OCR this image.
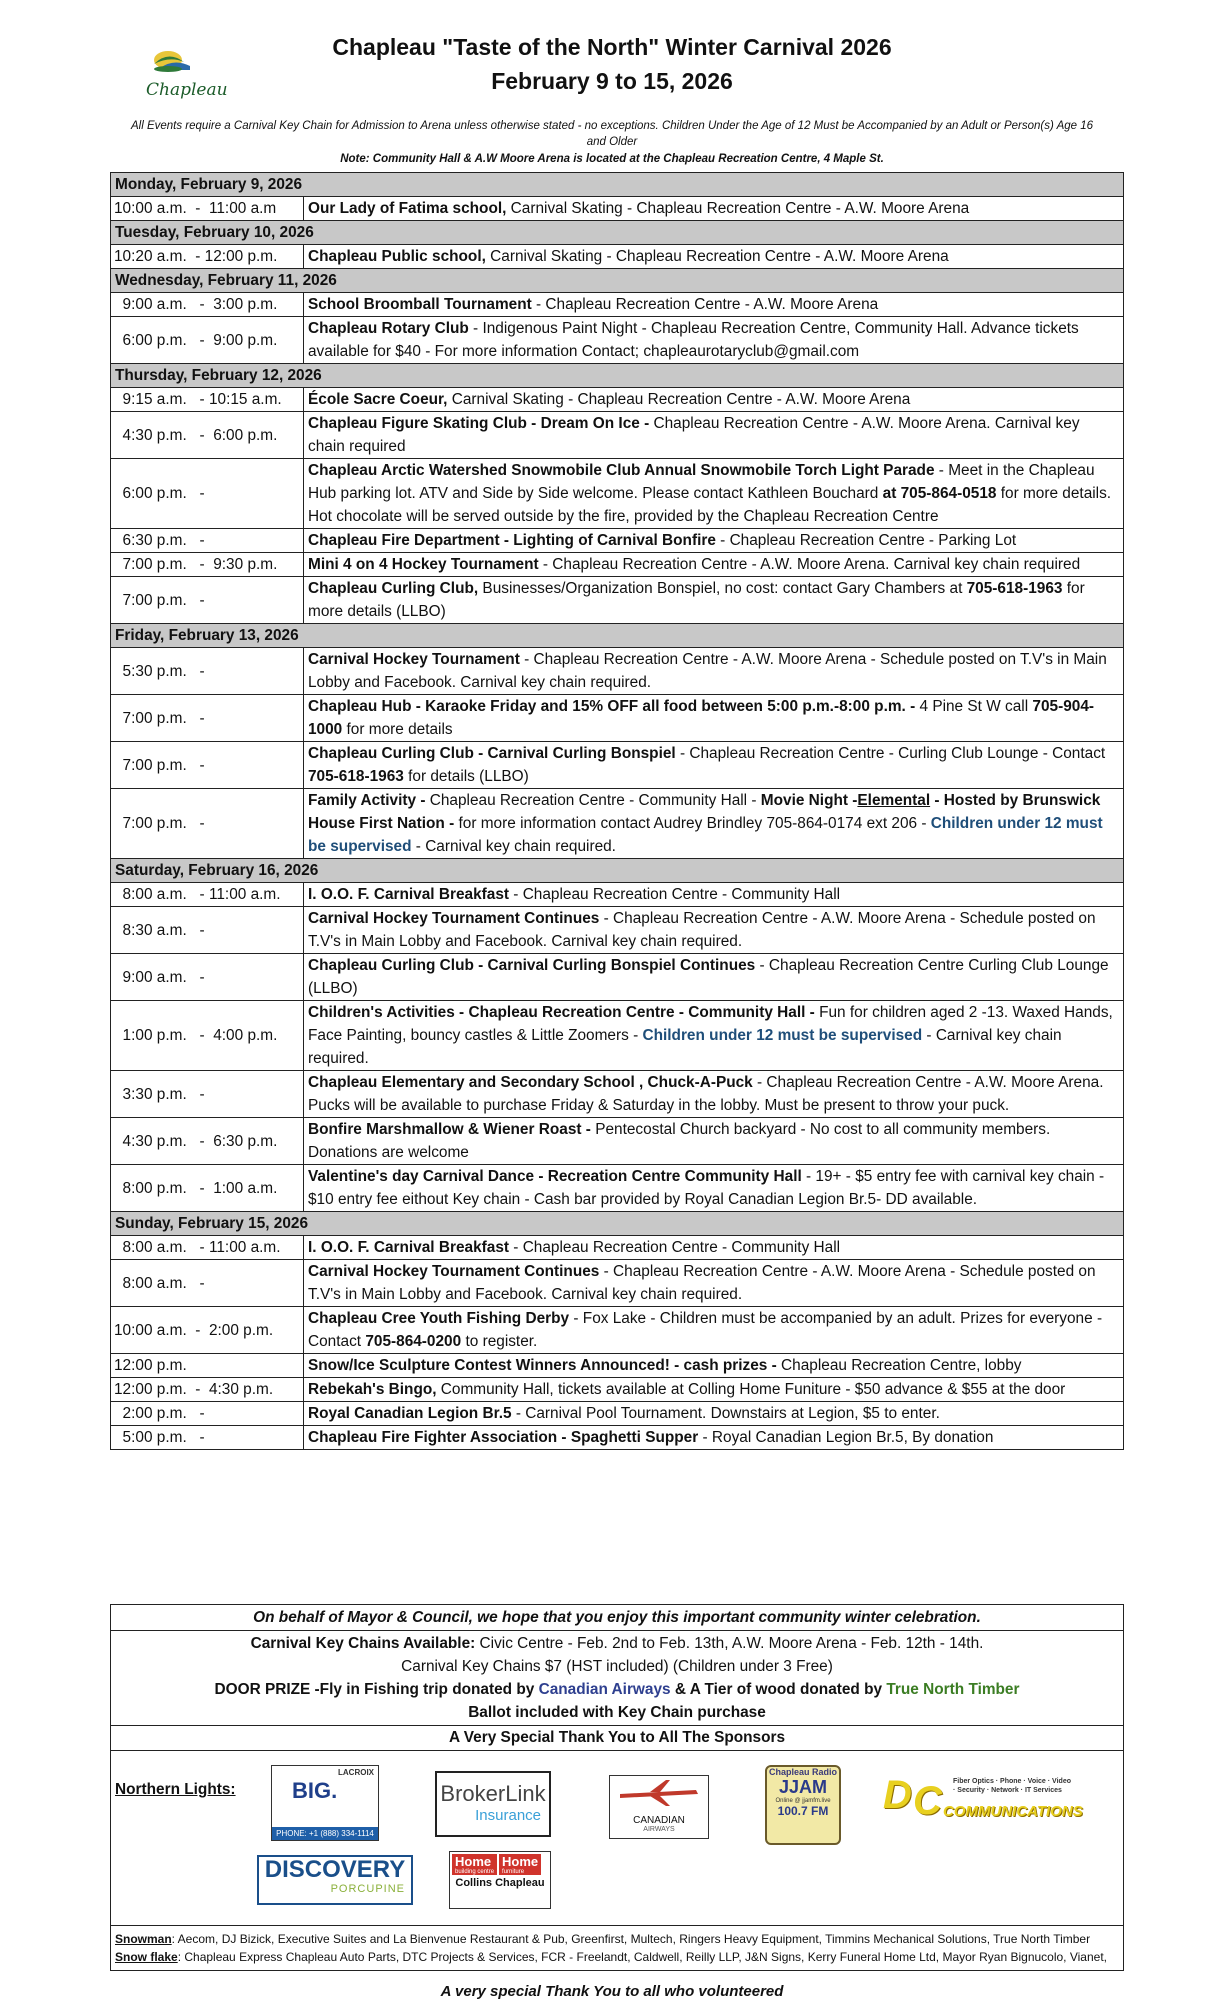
Chapleau
Chapleau "Taste of the North" Winter Carnival 2026
February 9 to 15, 2026
All Events require a Carnival Key Chain for Admission to Arena unless otherwise stated - no exceptions. Children Under the Age of 12 Must be Accompanied by an Adult or Person(s) Age 16 and Older
Note: Community Hall & A.W Moore Arena is located at the Chapleau Recreation Centre, 4 Maple St.
Monday, February 9, 2026	
10:00 a.m.  -  11:00 a.m	Our Lady of Fatima school, Carnival Skating - Chapleau Recreation Centre - A.W. Moore Arena
Tuesday, February 10, 2026	
10:20 a.m.  - 12:00 p.m.	Chapleau Public school, Carnival Skating - Chapleau Recreation Centre - A.W. Moore Arena
Wednesday, February 11, 2026	
9:00 a.m.   -  3:00 p.m.	School Broomball Tournament - Chapleau Recreation Centre - A.W. Moore Arena
6:00 p.m.   -  9:00 p.m.	Chapleau Rotary Club - Indigenous Paint Night - Chapleau Recreation Centre, Community Hall. Advance tickets available for $40 - For more information Contact; chapleaurotaryclub@gmail.com
Thursday, February 12, 2026	
9:15 a.m.   - 10:15 a.m.	École Sacre Coeur, Carnival Skating - Chapleau Recreation Centre - A.W. Moore Arena
4:30 p.m.   -  6:00 p.m.	Chapleau Figure Skating Club - Dream On Ice - Chapleau Recreation Centre - A.W. Moore Arena. Carnival key chain required
6:00 p.m.   -	Chapleau Arctic Watershed Snowmobile Club Annual Snowmobile Torch Light Parade - Meet in the Chapleau Hub parking lot. ATV and Side by Side welcome. Please contact Kathleen Bouchard at 705-864-0518 for more details. Hot chocolate will be served outside by the fire, provided by the Chapleau Recreation Centre
6:30 p.m.   -	Chapleau Fire Department - Lighting of Carnival Bonfire - Chapleau Recreation Centre - Parking Lot
7:00 p.m.   -  9:30 p.m.	Mini 4 on 4 Hockey Tournament - Chapleau Recreation Centre - A.W. Moore Arena. Carnival key chain required
7:00 p.m.   -	Chapleau Curling Club, Businesses/Organization Bonspiel, no cost: contact Gary Chambers at 705-618-1963 for more details (LLBO)
Friday, February 13, 2026	
5:30 p.m.   -	Carnival Hockey Tournament - Chapleau Recreation Centre - A.W. Moore Arena - Schedule posted on T.V's in Main Lobby and Facebook. Carnival key chain required.
7:00 p.m.   -	Chapleau Hub - Karaoke Friday and 15% OFF all food between 5:00 p.m.-8:00 p.m. - 4 Pine St W call 705-904-1000 for more details
7:00 p.m.   -	Chapleau Curling Club - Carnival Curling Bonspiel - Chapleau Recreation Centre - Curling Club Lounge - Contact 705-618-1963 for details (LLBO)
7:00 p.m.   -	Family Activity - Chapleau Recreation Centre - Community Hall - Movie Night -Elemental - Hosted by Brunswick House First Nation - for more information contact Audrey Brindley 705-864-0174 ext 206 - Children under 12 must be supervised - Carnival key chain required.
Saturday, February 16, 2026	
8:00 a.m.   - 11:00 a.m.	I. O.O. F. Carnival Breakfast - Chapleau Recreation Centre - Community Hall
8:30 a.m.   -	Carnival Hockey Tournament Continues - Chapleau Recreation Centre - A.W. Moore Arena - Schedule posted on T.V's in Main Lobby and Facebook. Carnival key chain required.
9:00 a.m.   -	Chapleau Curling Club - Carnival Curling Bonspiel Continues - Chapleau Recreation Centre Curling Club Lounge (LLBO)
1:00 p.m.   -  4:00 p.m.	Children's Activities - Chapleau Recreation Centre - Community Hall - Fun for children aged 2 -13. Waxed Hands, Face Painting, bouncy castles & Little Zoomers - Children under 12 must be supervised - Carnival key chain required.
3:30 p.m.   -	Chapleau Elementary and Secondary School , Chuck-A-Puck - Chapleau Recreation Centre - A.W. Moore Arena. Pucks will be available to purchase Friday & Saturday in the lobby. Must be present to throw your puck.
4:30 p.m.   -  6:30 p.m.	Bonfire Marshmallow & Wiener Roast - Pentecostal Church backyard - No cost to all community members. Donations are welcome
8:00 p.m.   -  1:00 a.m.	Valentine's day Carnival Dance - Recreation Centre Community Hall - 19+ - $5 entry fee with carnival key chain - $10 entry fee eithout Key chain - Cash bar provided by Royal Canadian Legion Br.5- DD available.
Sunday, February 15, 2026	
8:00 a.m.   - 11:00 a.m.	I. O.O. F. Carnival Breakfast - Chapleau Recreation Centre - Community Hall
8:00 a.m.   -	Carnival Hockey Tournament Continues - Chapleau Recreation Centre - A.W. Moore Arena - Schedule posted on T.V's in Main Lobby and Facebook. Carnival key chain required.
10:00 a.m.  -  2:00 p.m.	Chapleau Cree Youth Fishing Derby - Fox Lake - Children must be accompanied by an adult. Prizes for everyone - Contact 705-864-0200 to register.
12:00 p.m.	Snow/Ice Sculpture Contest Winners Announced! - cash prizes - Chapleau Recreation Centre, lobby
12:00 p.m.  -  4:30 p.m.	Rebekah's Bingo, Community Hall, tickets available at Colling Home Funiture - $50 advance & $55 at the door
2:00 p.m.   -	Royal Canadian Legion Br.5 - Carnival Pool Tournament. Downstairs at Legion, $5 to enter.
5:00 p.m.   -	Chapleau Fire Fighter Association - Spaghetti Supper - Royal Canadian Legion Br.5, By donation
On behalf of Mayor & Council, we hope that you enjoy this important community winter celebration.

Carnival Key Chains Available: Civic Centre - Feb. 2nd to Feb. 13th, A.W. Moore Arena - Feb. 12th - 14th.
Carnival Key Chains $7 (HST included) (Children under 3 Free)
DOOR PRIZE -Fly in Fishing trip donated by Canadian Airways & A Tier of wood donated by True North Timber
Ballot included with Key Chain purchase

A Very Special Thank You to All The Sponsors

Northern Lights:
LACROIX
BIG.
PHONE: +1 (888) 334-1114
BrokerLink
Insurance	CANADIAN
AIRWAYS
Chapleau Radio
JJAM
Online @ jjamfm.live
100.7 FM D C Fiber Optics · Phone · Voice · Video · Security · Network · IT Services
COMMUNICATIONS
DISCOVERY
PORCUPINE
Home
building centre
Home
furniture
Collins Chapleau

Snowman: Aecom, DJ Bizick, Executive Suites and La Bienvenue Restaurant & Pub, Greenfirst, Multech, Ringers Heavy Equipment, Timmins Mechanical Solutions, True North Timber
Snow flake: Chapleau Express Chapleau Auto Parts, DTC Projects & Services, FCR - Freelandt, Caldwell, Reilly LLP, J&N Signs, Kerry Funeral Home Ltd, Mayor Ryan Bignucolo, Vianet,
A very special Thank You to all who volunteered
